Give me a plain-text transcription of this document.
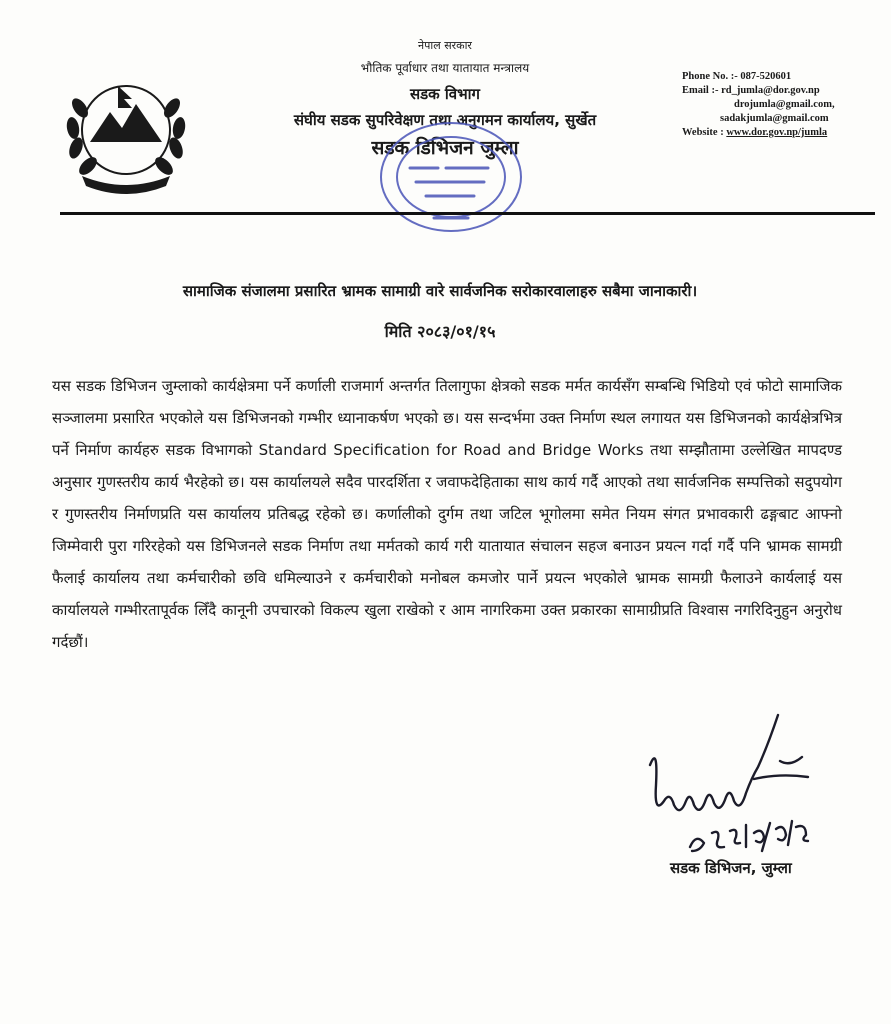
नेपाल सरकार
भौतिक पूर्वाधार तथा यातायात मन्त्रालय
सडक विभाग
संघीय सडक सुपरिवेक्षण तथा अनुगमन कार्यालय, सुर्खेत
सडक डिभिजन जुम्ला
Phone No. :- 087-520601
Email :- rd_jumla@dor.gov.np
drojumla@gmail.com,
sadakjumla@gmail.com
Website : www.dor.gov.np/jumla
सामाजिक संजालमा प्रसारित भ्रामक सामाग्री वारे सार्वजनिक सरोकारवालाहरु सबैमा जानाकारी।
मिति २०८३/०१/१५
यस सडक डिभिजन जुम्लाको कार्यक्षेत्रमा पर्ने कर्णाली राजमार्ग अन्तर्गत तिलागुफा क्षेत्रको सडक मर्मत कार्यसँग सम्बन्धि भिडियो एवं फोटो सामाजिक सञ्जालमा प्रसारित भएकोले यस डिभिजनको गम्भीर ध्यानाकर्षण भएको छ। यस सन्दर्भमा उक्त निर्माण स्थल लगायत यस डिभिजनको कार्यक्षेत्रभित्र पर्ने निर्माण कार्यहरु सडक विभागको Standard Specification for Road and Bridge Works तथा सम्झौतामा उल्लेखित मापदण्ड अनुसार गुणस्तरीय कार्य भैरहेको छ। यस कार्यालयले सदैव पारदर्शिता र जवाफदेहिताका साथ कार्य गर्दै आएको तथा सार्वजनिक सम्पत्तिको सदुपयोग र गुणस्तरीय निर्माणप्रति यस कार्यालय प्रतिबद्ध रहेको छ। कर्णालीको दुर्गम तथा जटिल भूगोलमा समेत नियम संगत प्रभावकारी ढङ्गबाट आफ्नो जिम्मेवारी पुरा गरिरहेको यस डिभिजनले सडक निर्माण तथा मर्मतको कार्य गरी यातायात संचालन सहज बनाउन प्रयत्न गर्दा गर्दै पनि भ्रामक सामग्री फैलाई कार्यालय तथा कर्मचारीको छवि धमिल्याउने र कर्मचारीको मनोबल कमजोर पार्ने प्रयत्न भएकोले भ्रामक सामग्री फैलाउने कार्यलाई यस कार्यालयले गम्भीरतापूर्वक लिँदै कानूनी उपचारको विकल्प खुला राखेको र आम नागरिकमा उक्त प्रकारका सामाग्रीप्रति विश्वास नगरिदिनुहुन अनुरोध गर्दछौं।
सडक डिभिजन, जुम्ला
